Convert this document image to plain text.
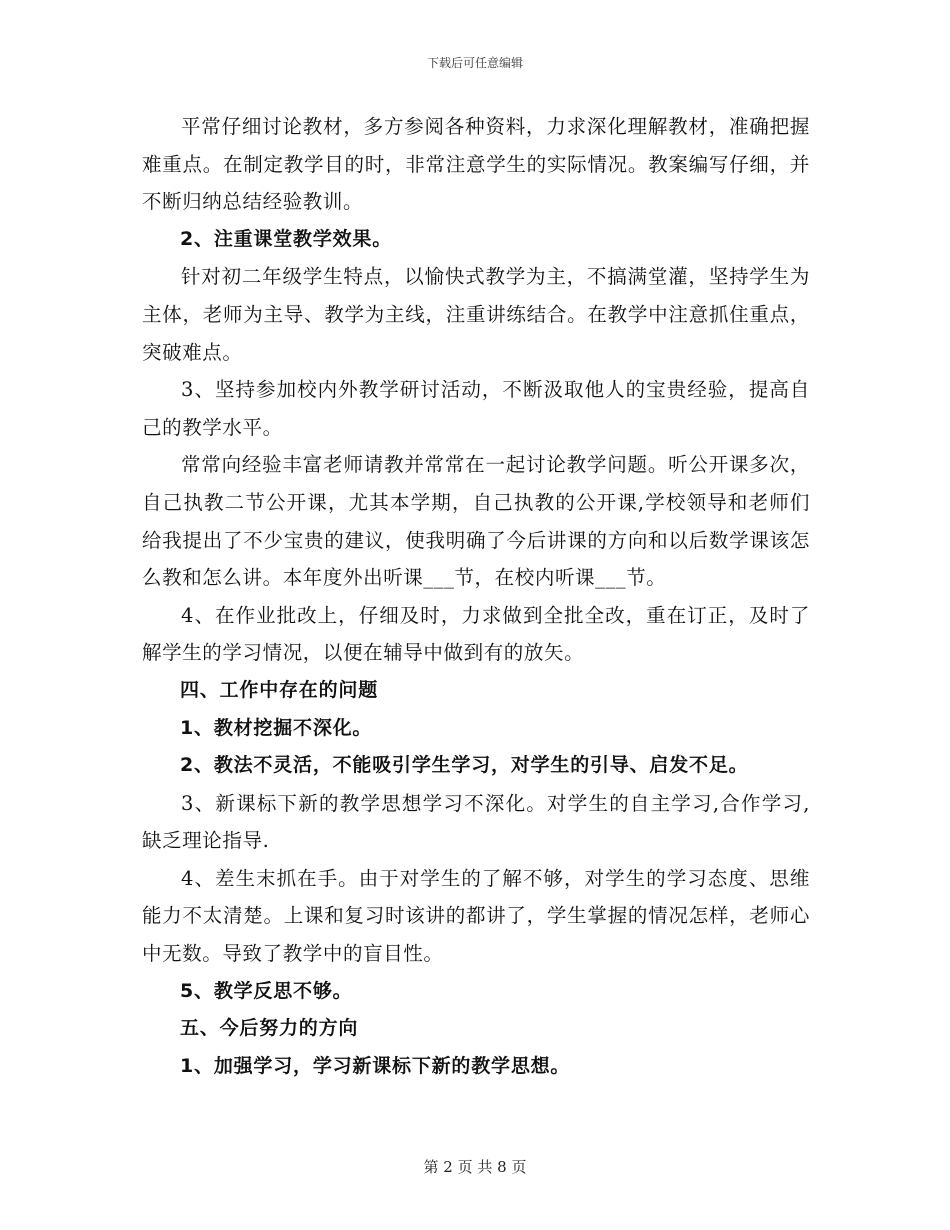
下载后可任意编辑

平常仔细讨论教材，多方参阅各种资料，力求深化理解教材，准确把握难重点。在制定教学目的时，非常注意学生的实际情况。教案编写仔细，并不断归纳总结经验教训。

2、注重课堂教学效果。

针对初二年级学生特点，以愉快式教学为主，不搞满堂灌，坚持学生为主体，老师为主导、教学为主线，注重讲练结合。在教学中注意抓住重点，突破难点。

3、坚持参加校内外教学研讨活动，不断汲取他人的宝贵经验，提高自己的教学水平。

常常向经验丰富老师请教并常常在一起讨论教学问题。听公开课多次，自己执教二节公开课，尤其本学期，自己执教的公开课,学校领导和老师们给我提出了不少宝贵的建议，使我明确了今后讲课的方向和以后数学课该怎么教和怎么讲。本年度外出听课___节，在校内听课___节。

4、在作业批改上，仔细及时，力求做到全批全改，重在订正，及时了解学生的学习情况，以便在辅导中做到有的放矢。

四、工作中存在的问题

1、教材挖掘不深化。

2、教法不灵活，不能吸引学生学习，对学生的引导、启发不足。

3、新课标下新的教学思想学习不深化。对学生的自主学习,合作学习,缺乏理论指导.

4、差生末抓在手。由于对学生的了解不够，对学生的学习态度、思维能力不太清楚。上课和复习时该讲的都讲了，学生掌握的情况怎样，老师心中无数。导致了教学中的盲目性。

5、教学反思不够。

五、今后努力的方向

1、加强学习，学习新课标下新的教学思想。

第 2 页 共 8 页
